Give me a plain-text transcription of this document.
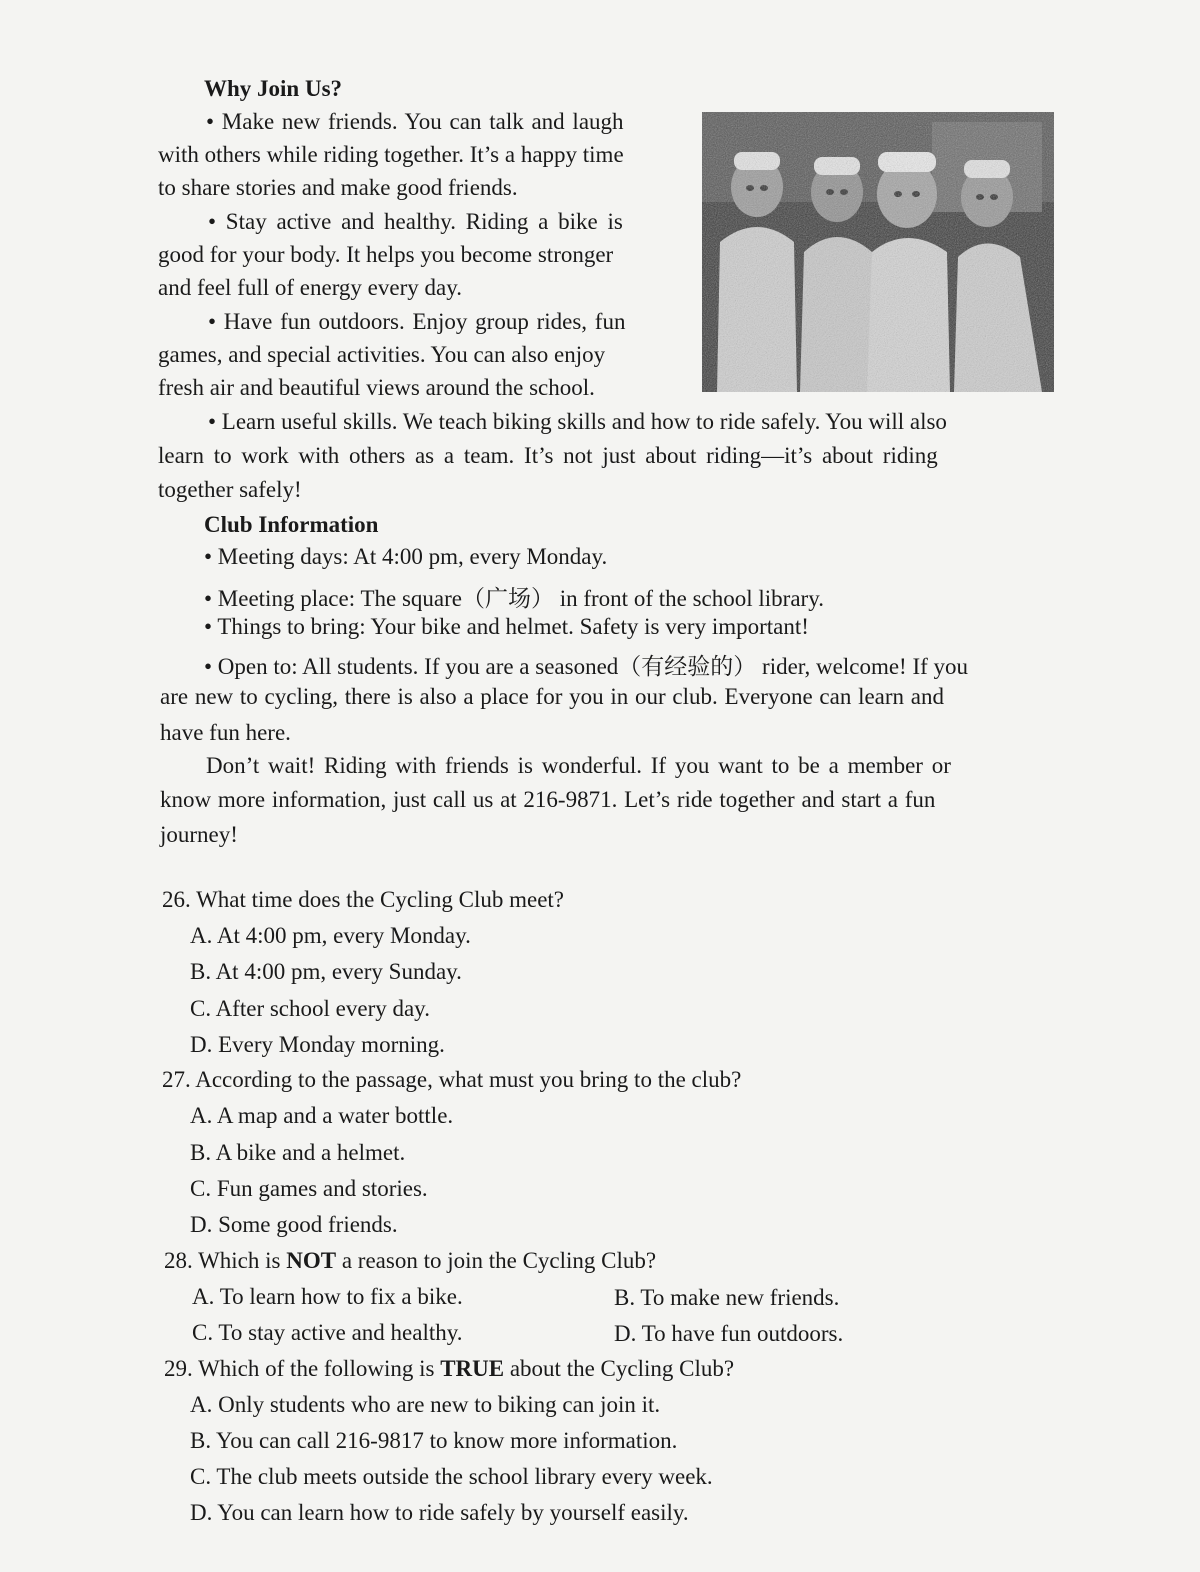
Why Join Us?
• Make new friends. You can talk and laugh
with others while riding together. It’s a happy time
to share stories and make good friends.
• Stay active and healthy. Riding a bike is
good for your body. It helps you become stronger
and feel full of energy every day.
• Have fun outdoors. Enjoy group rides, fun
games, and special activities. You can also enjoy
fresh air and beautiful views around the school.
• Learn useful skills. We teach biking skills and how to ride safely. You will also
learn to work with others as a team. It’s not just about riding—it’s about riding
together safely!
Club Information
• Meeting days: At 4:00 pm, every Monday.
• Meeting place: The square（广场） in front of the school library.
• Things to bring: Your bike and helmet. Safety is very important!
• Open to: All students. If you are a seasoned（有经验的） rider, welcome! If you
are new to cycling, there is also a place for you in our club. Everyone can learn and
have fun here.
Don’t wait! Riding with friends is wonderful. If you want to be a member or
know more information, just call us at 216-9871. Let’s ride together and start a fun
journey!
26. What time does the Cycling Club meet?
A. At 4:00 pm, every Monday.
B. At 4:00 pm, every Sunday.
C. After school every day.
D. Every Monday morning.
27. According to the passage, what must you bring to the club?
A. A map and a water bottle.
B. A bike and a helmet.
C. Fun games and stories.
D. Some good friends.
28. Which is NOT a reason to join the Cycling Club?
A. To learn how to fix a bike.	B. To make new friends.
C. To stay active and healthy.	D. To have fun outdoors.
29. Which of the following is TRUE about the Cycling Club?
A. Only students who are new to biking can join it.
B. You can call 216-9817 to know more information.
C. The club meets outside the school library every week.
D. You can learn how to ride safely by yourself easily.
